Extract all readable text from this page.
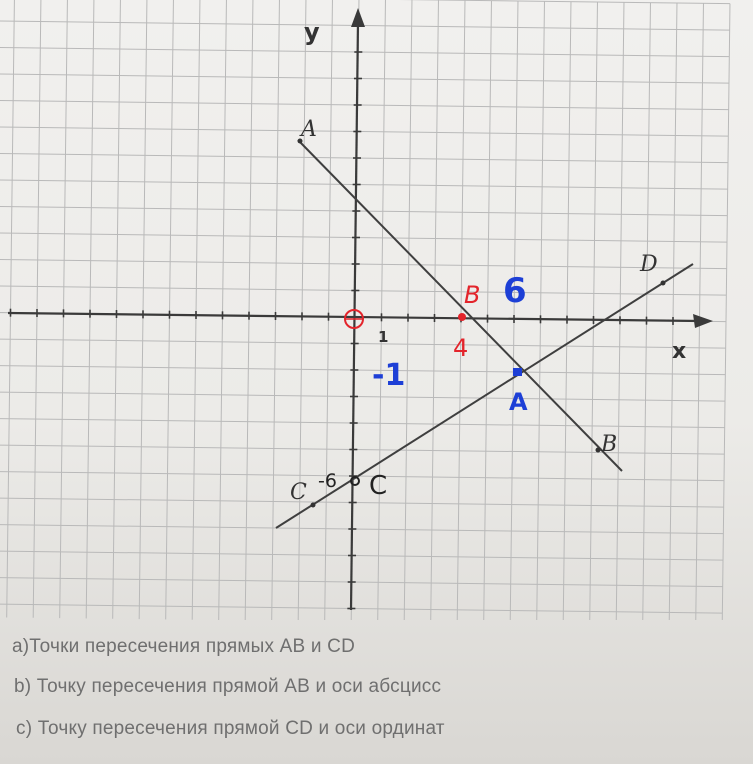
x
y
1
A
B
C
D
B
4
6
-1
A
-6 C
a)Точки пересечения прямых AB и CD
b) Точку пересечения прямой AB и оси абсцисс
c) Точку пересечения прямой CD и оси ординат
